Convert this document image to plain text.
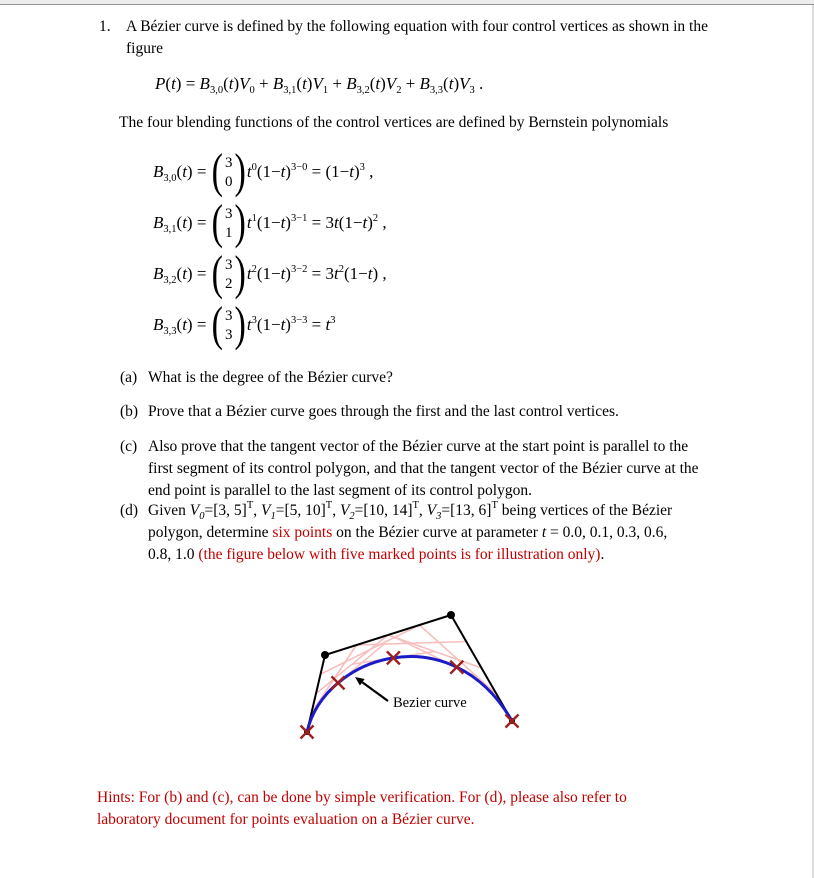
1. A Bézier curve is defined by the following equation with four control vertices as shown in the
figure
$P(t) = B_{3,0}(t)V_0 + B_{3,1}(t)V_1 + B_{3,2}(t)V_2 + B_{3,3}(t)V_3$ .
The four blending functions of the control vertices are defined by Bernstein polynomials
$B_{3,0}(t)$ = ( 3
0 ) $t^0(1-t)^{3-0} = (1-t)^3$ ,
$B_{3,1}(t)$ = ( 3
1 ) $t^1(1-t)^{3-1} = 3t(1-t)^2$ ,
$B_{3,2}(t)$ = ( 3
2 ) $t^2(1-t)^{3-2} = 3t^2(1-t)$ ,
$B_{3,3}(t)$ = ( 3
3 ) $t^3(1-t)^{3-3} = t^3$
(a) What is the degree of the Bézier curve?
(b) Prove that a Bézier curve goes through the first and the last control vertices.
(c) Also prove that the tangent vector of the Bézier curve at the start point is parallel to the
first segment of its control polygon, and that the tangent vector of the Bézier curve at the
end point is parallel to the last segment of its control polygon.
(d) Given $V_0=[3$, 5]$^T$, $V_1=[5$, 10]$^T$, $V_2=[10$, 14]$^T$, $V_3=[13$, 6]$^T$ being vertices of the Bézier
polygon, determine six points on the Bézier curve at parameter t = 0.0, 0.1, 0.3, 0.6,
0.8, 1.0 (the figure below with five marked points is for illustration only).
Bezier curve
Hints: For (b) and (c), can be done by simple verification. For (d), please also refer to
laboratory document for points evaluation on a Bézier curve.
